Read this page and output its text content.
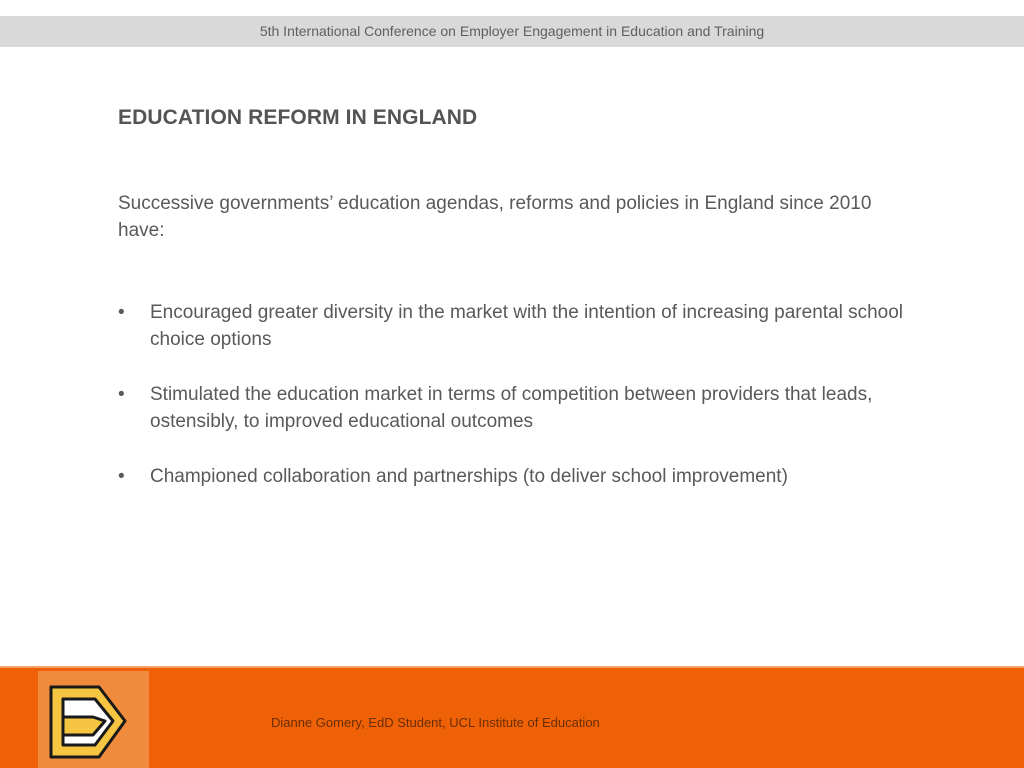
5th International Conference on Employer Engagement in Education and Training
EDUCATION REFORM IN ENGLAND

Successive governments’ education agendas, reforms and policies in England since 2010 have:

• Encouraged greater diversity in the market with the intention of increasing parental school choice options
• Stimulated the education market in terms of competition between providers that leads, ostensibly, to improved educational outcomes
• Championed collaboration and partnerships (to deliver school improvement)
Dianne Gomery, EdD Student, UCL Institute of Education
